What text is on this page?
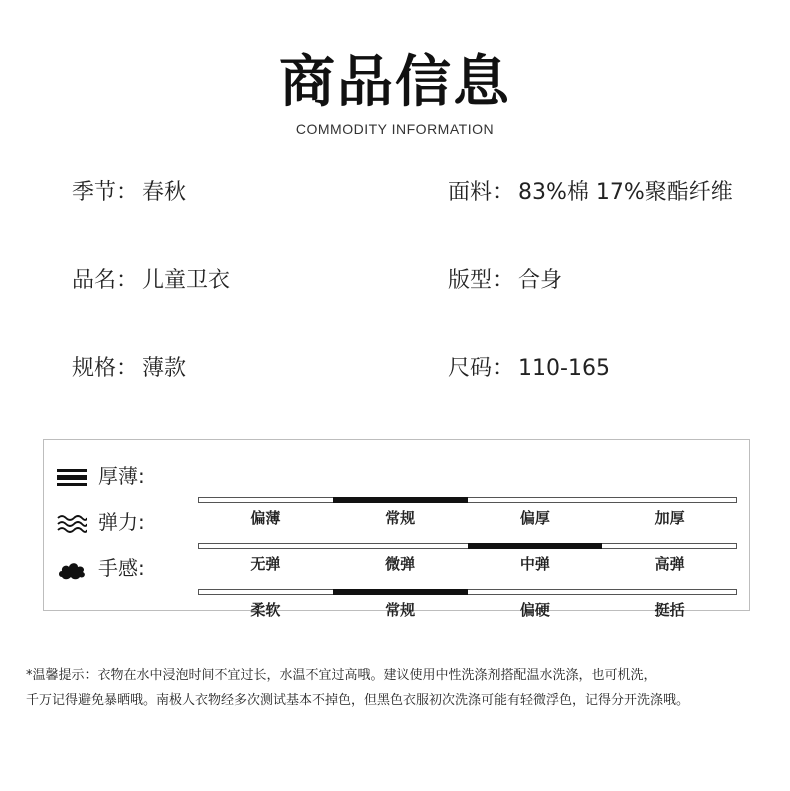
商品信息
COMMODITY INFORMATION
季节： 春秋	面料： 83%棉 17%聚酯纤维
品名： 儿童卫衣	版型： 合身
规格： 薄款	尺码： 110-165
厚薄:
偏薄	常规	偏厚	加厚
弹力:
无弹	微弹	中弹	高弹
手感:
柔软	常规	偏硬	挺括
*温馨提示：衣物在水中浸泡时间不宜过长，水温不宜过高哦。建议使用中性洗涤剂搭配温水洗涤，也可机洗，
千万记得避免暴晒哦。南极人衣物经多次测试基本不掉色，但黑色衣服初次洗涤可能有轻微浮色，记得分开洗涤哦。
